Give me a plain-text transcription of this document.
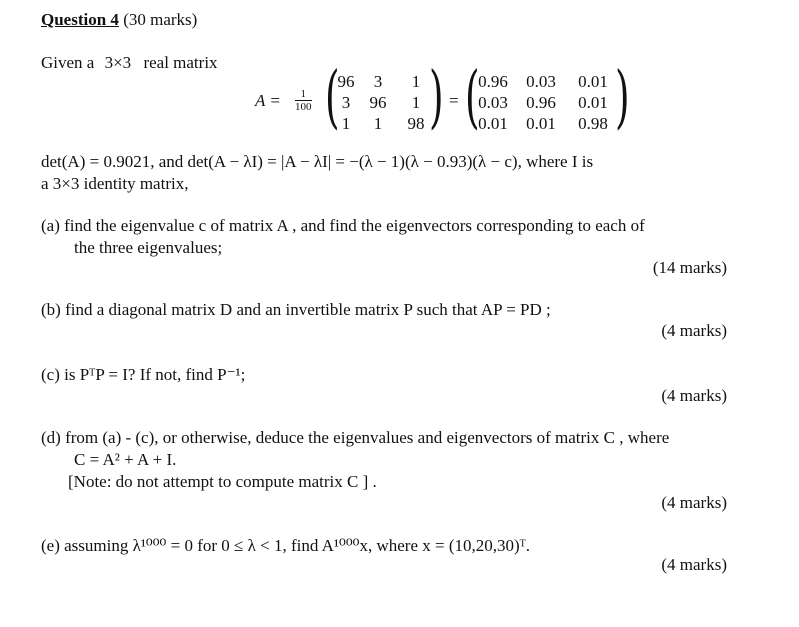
Question 4 (30 marks)
Given a 3×3 real matrix
$A = \frac{1}{100}$ (
96	3	1
3	96	1
1	1	98 ) = (
0.96	0.03	0.01
0.03	0.96	0.01
0.01	0.01	0.98 )
det(A) = 0.9021, and det(A − λI) = |A − λI| = −(λ − 1)(λ − 0.93)(λ − c), where I is
a 3×3 identity matrix,
(a) find the eigenvalue c of matrix A , and find the eigenvectors corresponding to each of
the three eigenvalues;
(14 marks)
(b) find a diagonal matrix D and an invertible matrix P such that AP = PD ;
(4 marks)
(c) is PᵀP = I? If not, find P⁻¹;
(4 marks)
(d) from (a) - (c), or otherwise, deduce the eigenvalues and eigenvectors of matrix C , where
C = A² + A + I.
[Note: do not attempt to compute matrix C ] .
(4 marks)
(e) assuming λ¹⁰⁰⁰ = 0 for 0 ≤ λ < 1, find A¹⁰⁰⁰x, where x = (10,20,30)ᵀ.
(4 marks)
